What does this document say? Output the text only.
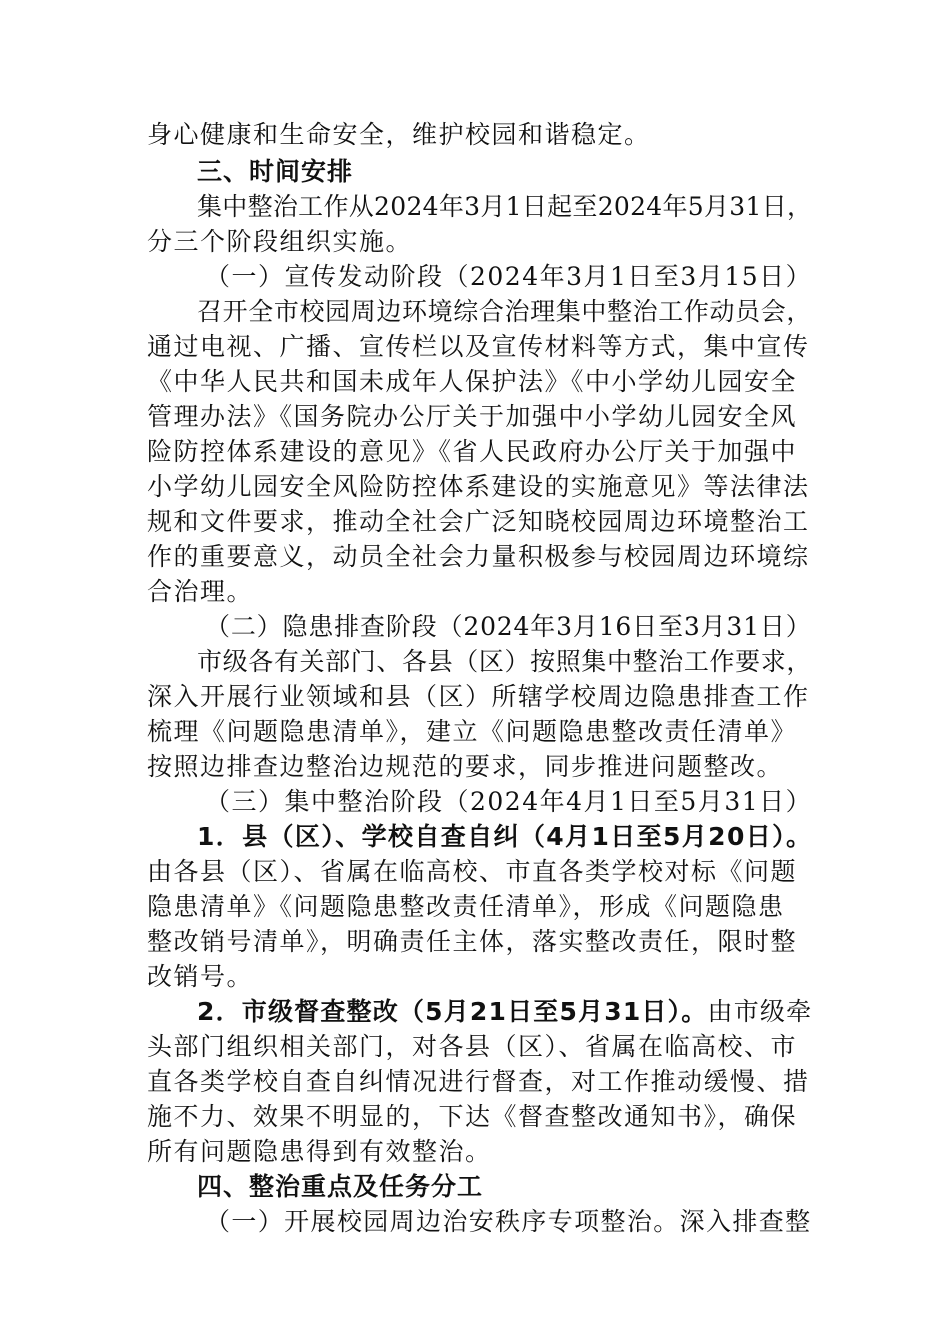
身心健康和生命安全，维护校园和谐稳定。
三、时间安排
集中整治工作从2024年3月1日起至2024年5月31日，
分三个阶段组织实施。
（一）宣传发动阶段（2024年3月1日至3月15日）
召开全市校园周边环境综合治理集中整治工作动员会，
通过电视、广播、宣传栏以及宣传材料等方式，集中宣传
《中华人民共和国未成年人保护法》《中小学幼儿园安全
管理办法》《国务院办公厅关于加强中小学幼儿园安全风
险防控体系建设的意见》《省人民政府办公厅关于加强中
小学幼儿园安全风险防控体系建设的实施意见》等法律法
规和文件要求，推动全社会广泛知晓校园周边环境整治工
作的重要意义，动员全社会力量积极参与校园周边环境综
合治理。
（二）隐患排查阶段（2024年3月16日至3月31日）
市级各有关部门、各县（区）按照集中整治工作要求，
深入开展行业领域和县（区）所辖学校周边隐患排查工作
梳理《问题隐患清单》，建立《问题隐患整改责任清单》
按照边排查边整治边规范的要求，同步推进问题整改。
（三）集中整治阶段（2024年4月1日至5月31日）
1．县（区）、学校自查自纠（4月1日至5月20日）。
由各县（区）、省属在临高校、市直各类学校对标《问题
隐患清单》《问题隐患整改责任清单》，形成《问题隐患
整改销号清单》，明确责任主体，落实整改责任，限时整
改销号。
2．市级督查整改（5月21日至5月31日）。由市级牵
头部门组织相关部门，对各县（区）、省属在临高校、市
直各类学校自查自纠情况进行督查，对工作推动缓慢、措
施不力、效果不明显的，下达《督查整改通知书》，确保
所有问题隐患得到有效整治。
四、整治重点及任务分工
（一）开展校园周边治安秩序专项整治。深入排查整
